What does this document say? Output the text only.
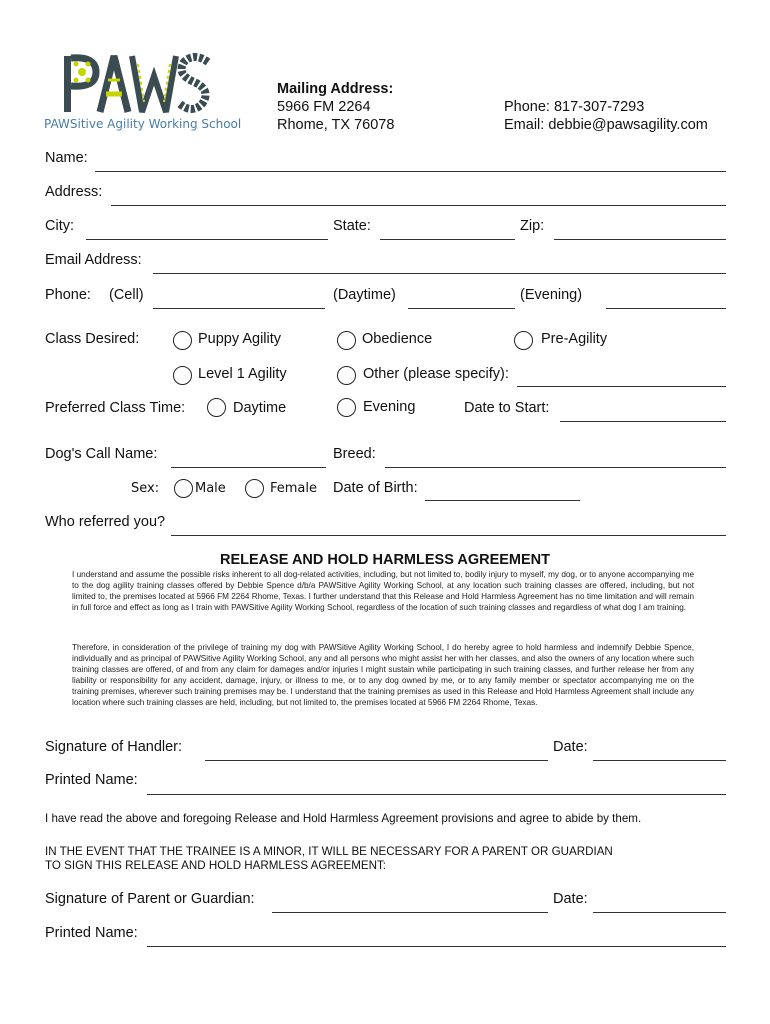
PAWSitive Agility Working School
Mailing Address:
5966 FM 2264
Rhome, TX 76078
Phone: 817-307-7293
Email: debbie@pawsagility.com
Name:
Address:
City:	State:	Zip:
Email Address:
Phone: (Cell)	(Daytime)	(Evening)
Class Desired:	Puppy Agility	Obedience	Pre-Agility
Level 1 Agility	Other (please specify):
Preferred Class Time:	Daytime	Evening	Date to Start:
Dog's Call Name:	Breed:
Sex:	Male	Female Date of Birth:
Who referred you?
RELEASE AND HOLD HARMLESS AGREEMENT
I understand and assume the possible risks inherent to all dog-related activities, including, but not limited to, bodily injury to myself, my dog, or to anyone accompanying me to the dog agility training classes offered by Debbie Spence d/b/a PAWSitive Agility Working School, at any location such training classes are offered, including, but not limited to, the premises located at 5966 FM 2264 Rhome, Texas. I further understand that this Release and Hold Harmless Agreement has no time limitation and will remain in full force and effect as long as I train with PAWSitive Agility Working School, regardless of the location of such training classes and regardless of what dog I am training.
Therefore, in consideration of the privilege of training my dog with PAWSitive Agility Working School, I do hereby agree to hold harmless and indemnify Debbie Spence, individually and as principal of PAWSitive Agility Working School, any and all persons who might assist her with her classes, and also the owners of any location where such training classes are offered, of and from any claim for damages and/or injuries I might sustain while participating in such training classes, and further release her from any liability or responsibility for any accident, damage, injury, or illness to me, or to any dog owned by me, or to any family member or spectator accompanying me on the training premises, wherever such training premises may be. I understand that the training premises as used in this Release and Hold Harmless Agreement shall include any location where such training classes are held, including, but not limited to, the premises located at 5966 FM 2264 Rhome, Texas.
Signature of Handler:	Date:
Printed Name:
I have read the above and foregoing Release and Hold Harmless Agreement provisions and agree to abide by them.
IN THE EVENT THAT THE TRAINEE IS A MINOR, IT WILL BE NECESSARY FOR A PARENT OR GUARDIAN
TO SIGN THIS RELEASE AND HOLD HARMLESS AGREEMENT:
Signature of Parent or Guardian:	Date:
Printed Name:
